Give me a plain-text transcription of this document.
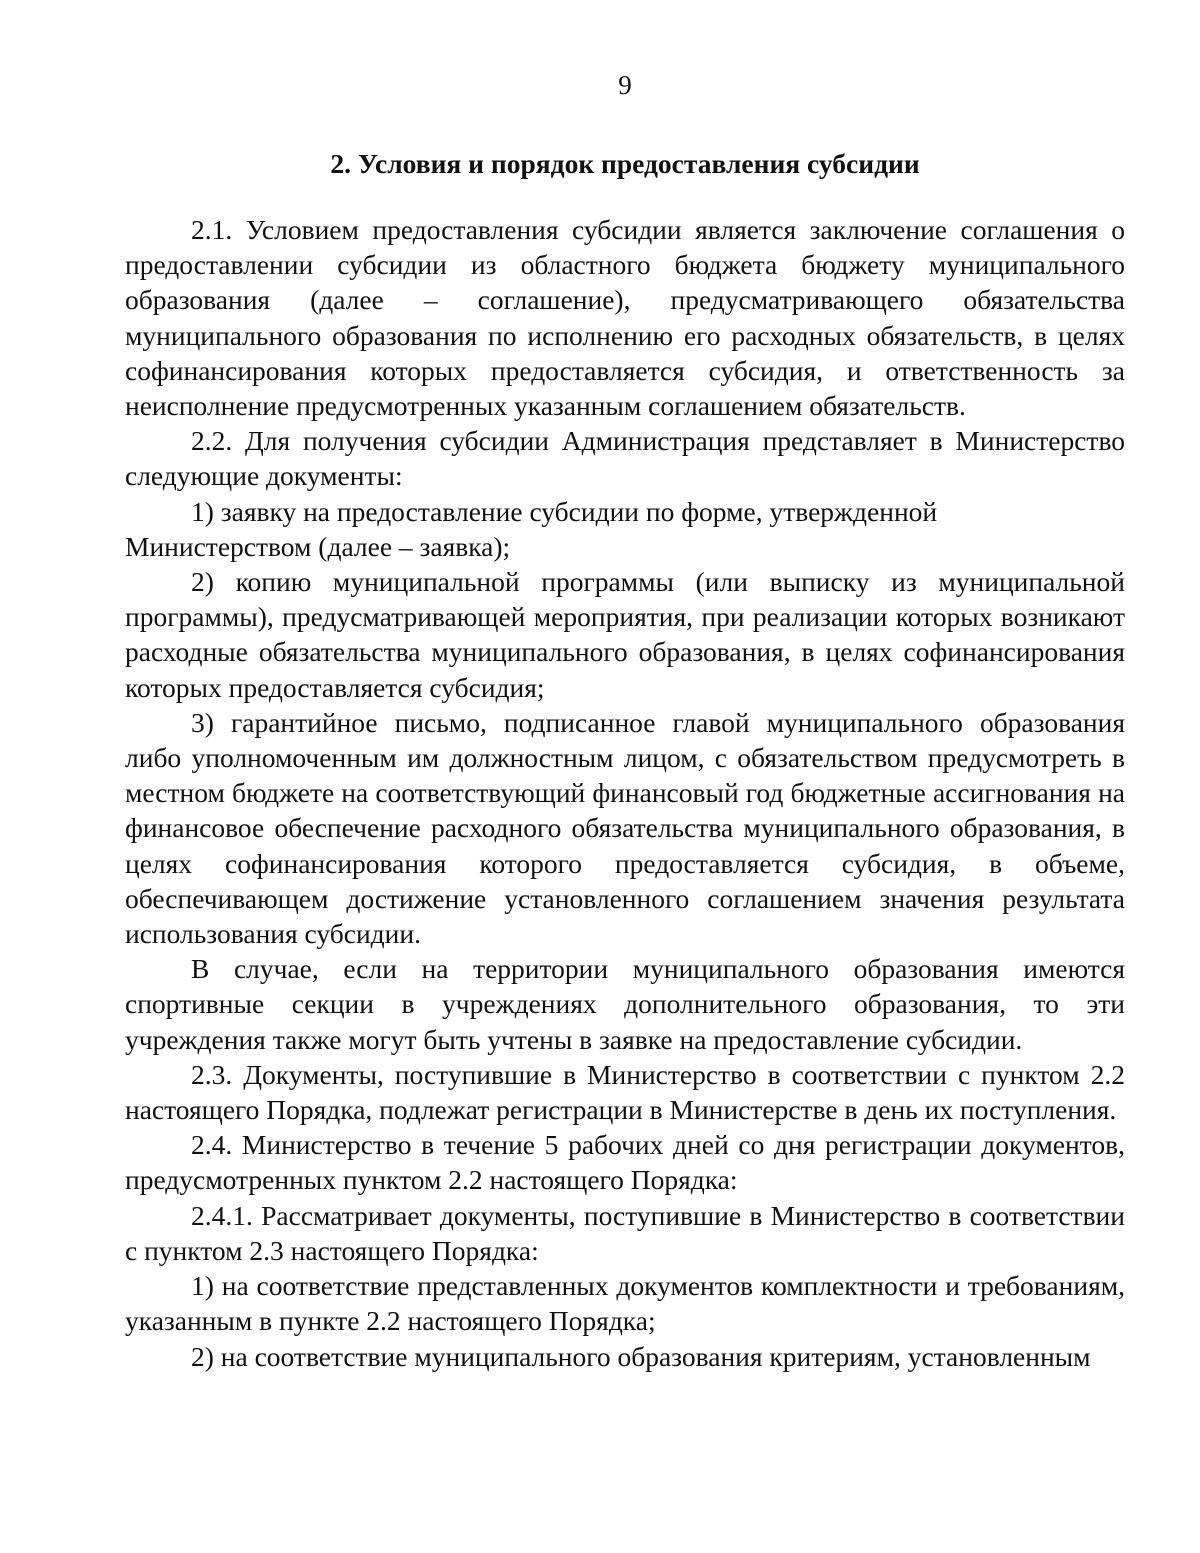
9
2. Условия и порядок предоставления субсидии

2.1. Условием предоставления субсидии является заключение соглашения о предоставлении субсидии из областного бюджета бюджету муниципального образования (далее – соглашение), предусматривающего обязательства муниципального образования по исполнению его расходных обязательств, в целях софинансирования которых предоставляется субсидия, и ответственность за неисполнение предусмотренных указанным соглашением обязательств.

2.2. Для получения субсидии Администрация представляет в Министерство следующие документы:

1) заявку на предоставление субсидии по форме, утвержденной Министерством (далее – заявка);

2) копию муниципальной программы (или выписку из муниципальной программы), предусматривающей мероприятия, при реализации которых возникают расходные обязательства муниципального образования, в целях софинансирования которых предоставляется субсидия;

3) гарантийное письмо, подписанное главой муниципального образования либо уполномоченным им должностным лицом, с обязательством предусмотреть в местном бюджете на соответствующий финансовый год бюджетные ассигнования на финансовое обеспечение расходного обязательства муниципального образования, в целях софинансирования которого предоставляется субсидия, в объеме, обеспечивающем достижение установленного соглашением значения результата использования субсидии.

В случае, если на территории муниципального образования имеются спортивные секции в учреждениях дополнительного образования, то эти учреждения также могут быть учтены в заявке на предоставление субсидии.

2.3. Документы, поступившие в Министерство в соответствии с пунктом 2.2 настоящего Порядка, подлежат регистрации в Министерстве в день их поступления.

2.4. Министерство в течение 5 рабочих дней со дня регистрации документов, предусмотренных пунктом 2.2 настоящего Порядка:

2.4.1. Рассматривает документы, поступившие в Министерство в соответствии с пунктом 2.3 настоящего Порядка:

1) на соответствие представленных документов комплектности и требованиям, указанным в пункте 2.2 настоящего Порядка;

2) на соответствие муниципального образования критериям, установленным
